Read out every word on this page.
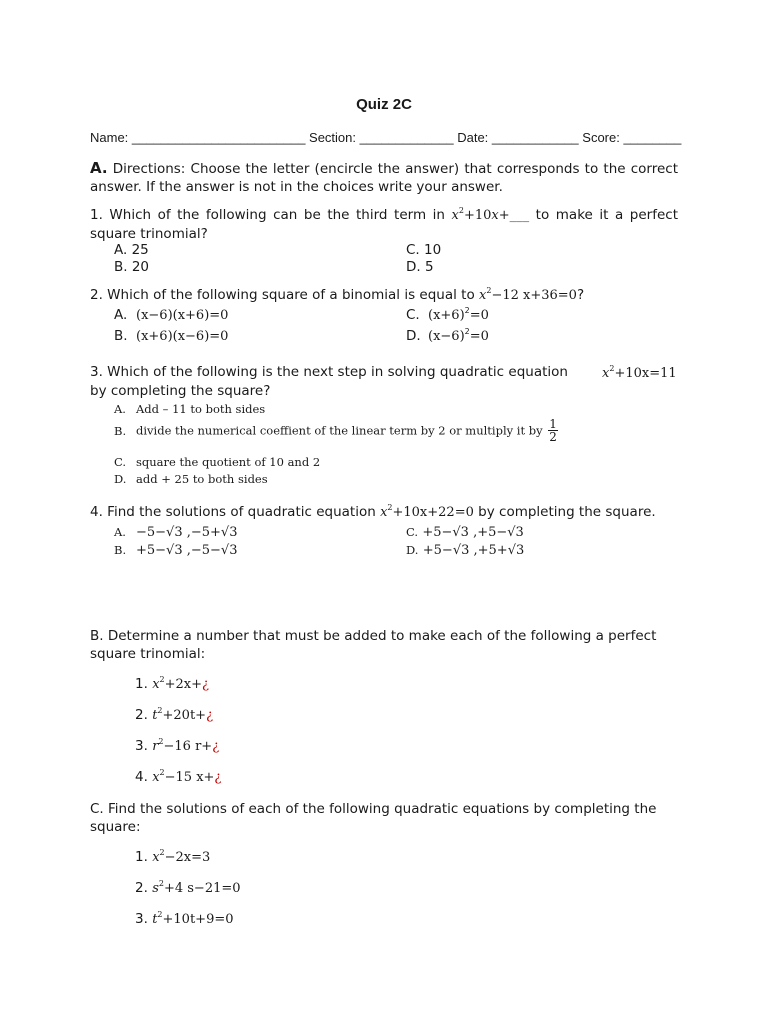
Quiz 2C
Name: ________________________ Section: _____________ Date: ____________ Score: ________
A. Directions: Choose the letter (encircle the answer) that corresponds to the correct answer. If the answer is not in the choices write your answer.
1. Which of the following can be the third term in $x^2+10x+\_\_\_$ to make it a perfect square trinomial?
A. 25	C. 10
B. 20	D. 5
2. Which of the following square of a binomial is equal to $x^2-12$ x+36=0?
A. (x−6)(x+6)=0	C. $(x+6)^2=0$
B. (x+6)(x−6)=0	D. $(x-6)^2=0$
3. Which of the following is the next step in solving quadratic equation	$x^2+10x=11$
by completing the square?
A. Add – 11 to both sides
B. divide the numerical coeffient of the linear term by 2 or multiply it by $\frac{1}{2}$
C. square the quotient of 10 and 2
D. add + 25 to both sides
4. Find the solutions of quadratic equation $x^2+10x+22=0$ by completing the square.
A. −5−√3 ,−5+√3	C. +5−√3 ,+5−√3
B. +5−√3 ,−5−√3	D. +5−√3 ,+5+√3
B. Determine a number that must be added to make each of the following a perfect square trinomial:
1. $x^2+2x+¿$
2. $t^2+20t+¿$
3. $r^2-16$ r+¿
4. $x^2-15$ x+¿
C. Find the solutions of each of the following quadratic equations by completing the square:
1. $x^2-2x=3$
2. $s^2+4$ s−21=0
3. $t^2+10t+9=0$
